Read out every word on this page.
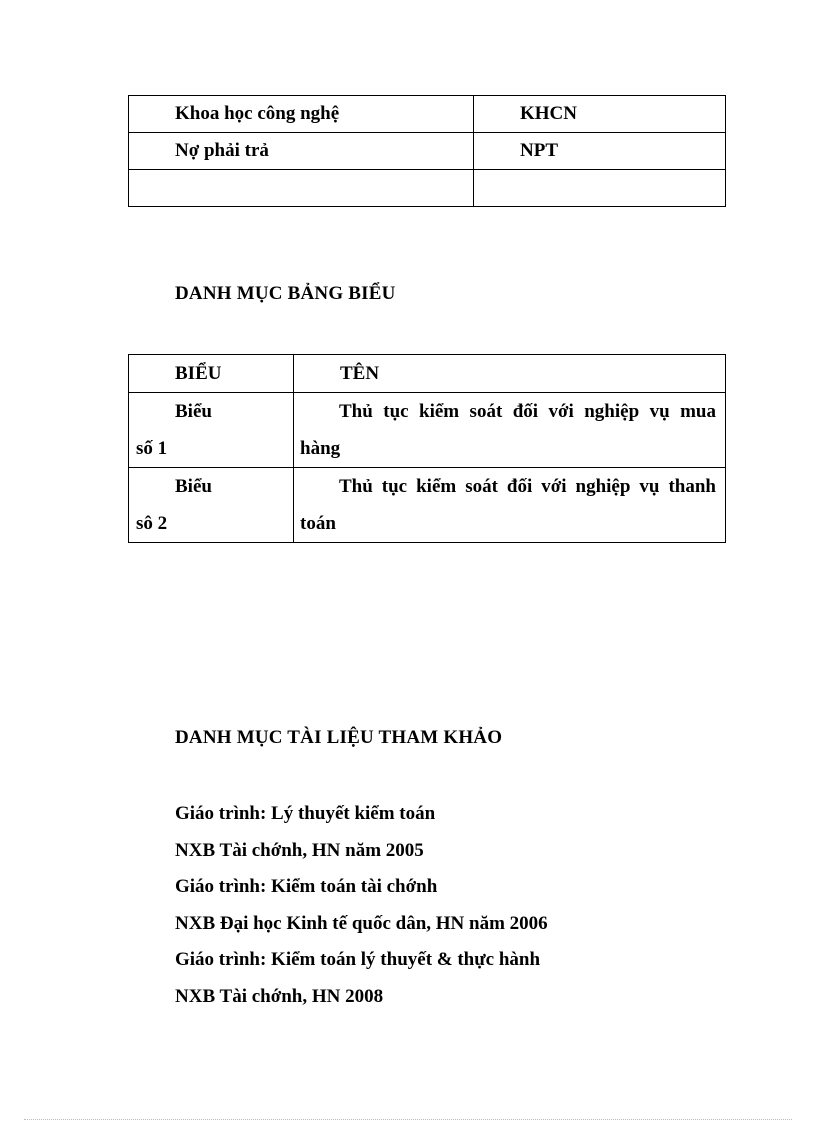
Khoa học công nghệ	KHCN
Nợ phải trả	NPT

DANH MỤC BẢNG BIỂU
BIỂU	TÊN

Biểu
số 1	Thủ tục kiểm soát đối với nghiệp vụ mua
hàng

Biểu
sô 2	Thủ tục kiểm soát đối với nghiệp vụ thanh
toán
DANH MỤC TÀI LIỆU THAM KHẢO
Giáo trình: Lý thuyết kiểm toán
NXB Tài chớnh, HN năm 2005
Giáo trình: Kiểm toán tài chớnh
NXB Đại học Kinh tế quốc dân, HN năm 2006
Giáo trình: Kiểm toán lý thuyết & thực hành
NXB Tài chớnh, HN 2008
